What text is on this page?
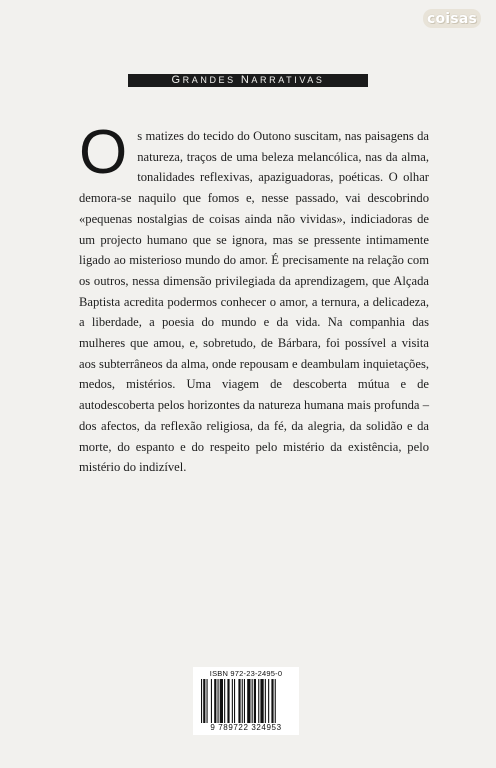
coisas
GRANDES NARRATIVAS

Os matizes do tecido do Outono suscitam, nas paisagens da natureza, traços de uma beleza melancólica, nas da alma, tonalidades reflexivas, apaziguadoras, poéticas. O olhar demora-se naquilo que fomos e, nesse passado, vai descobrindo «pequenas nostalgias de coisas ainda não vividas», indiciadoras de um projecto humano que se ignora, mas se pressente intimamente ligado ao misterioso mundo do amor. É precisamente na relação com os outros, nessa dimensão privilegiada da aprendizagem, que Alçada Baptista acredita podermos conhecer o amor, a ternura, a delicadeza, a liberdade, a poesia do mundo e da vida. Na companhia das mulheres que amou, e, sobretudo, de Bárbara, foi possível a visita aos subterrâneos da alma, onde repousam e deambulam inquietações, medos, mistérios. Uma viagem de descoberta mútua e de autodescoberta pelos horizontes da natureza humana mais profunda – dos afectos, da reflexão religiosa, da fé, da alegria, da solidão e da morte, do espanto e do respeito pelo mistério da existência, pelo mistério do indizível.

ISBN 972-23-2495-0
9 789722 324953
